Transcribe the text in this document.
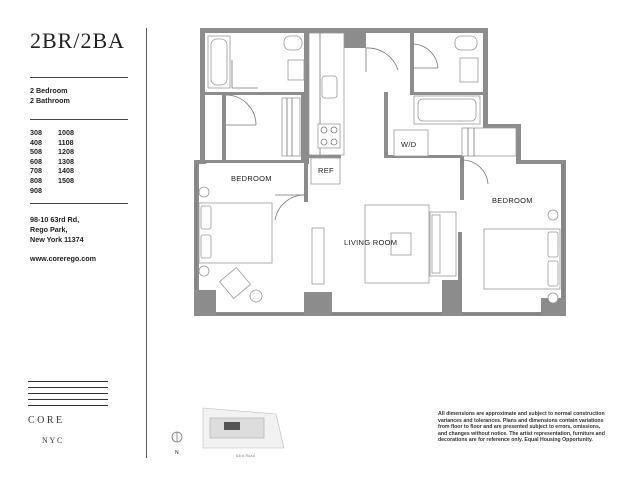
2BR/2BA
2 Bedroom
2 Bathroom
308
408
508
608
708
808
908
1008
1108
1208
1308
1408
1508
98-10 63rd Rd,
Rego Park,
New York 11374
www.corerego.com
C O R E
N Y C
REF
W/D
BEDROOM
LIVING ROOM
BEDROOM
N	63rd Road
All dimensions are approximate and subject to normal construction variances and tolerances. Plans and dimensions contain variations from floor to floor and are presented subject to errors, omissions, and changes without notice. The artist representation, furniture and decorations are for reference only. Equal Housing Opportunity.
